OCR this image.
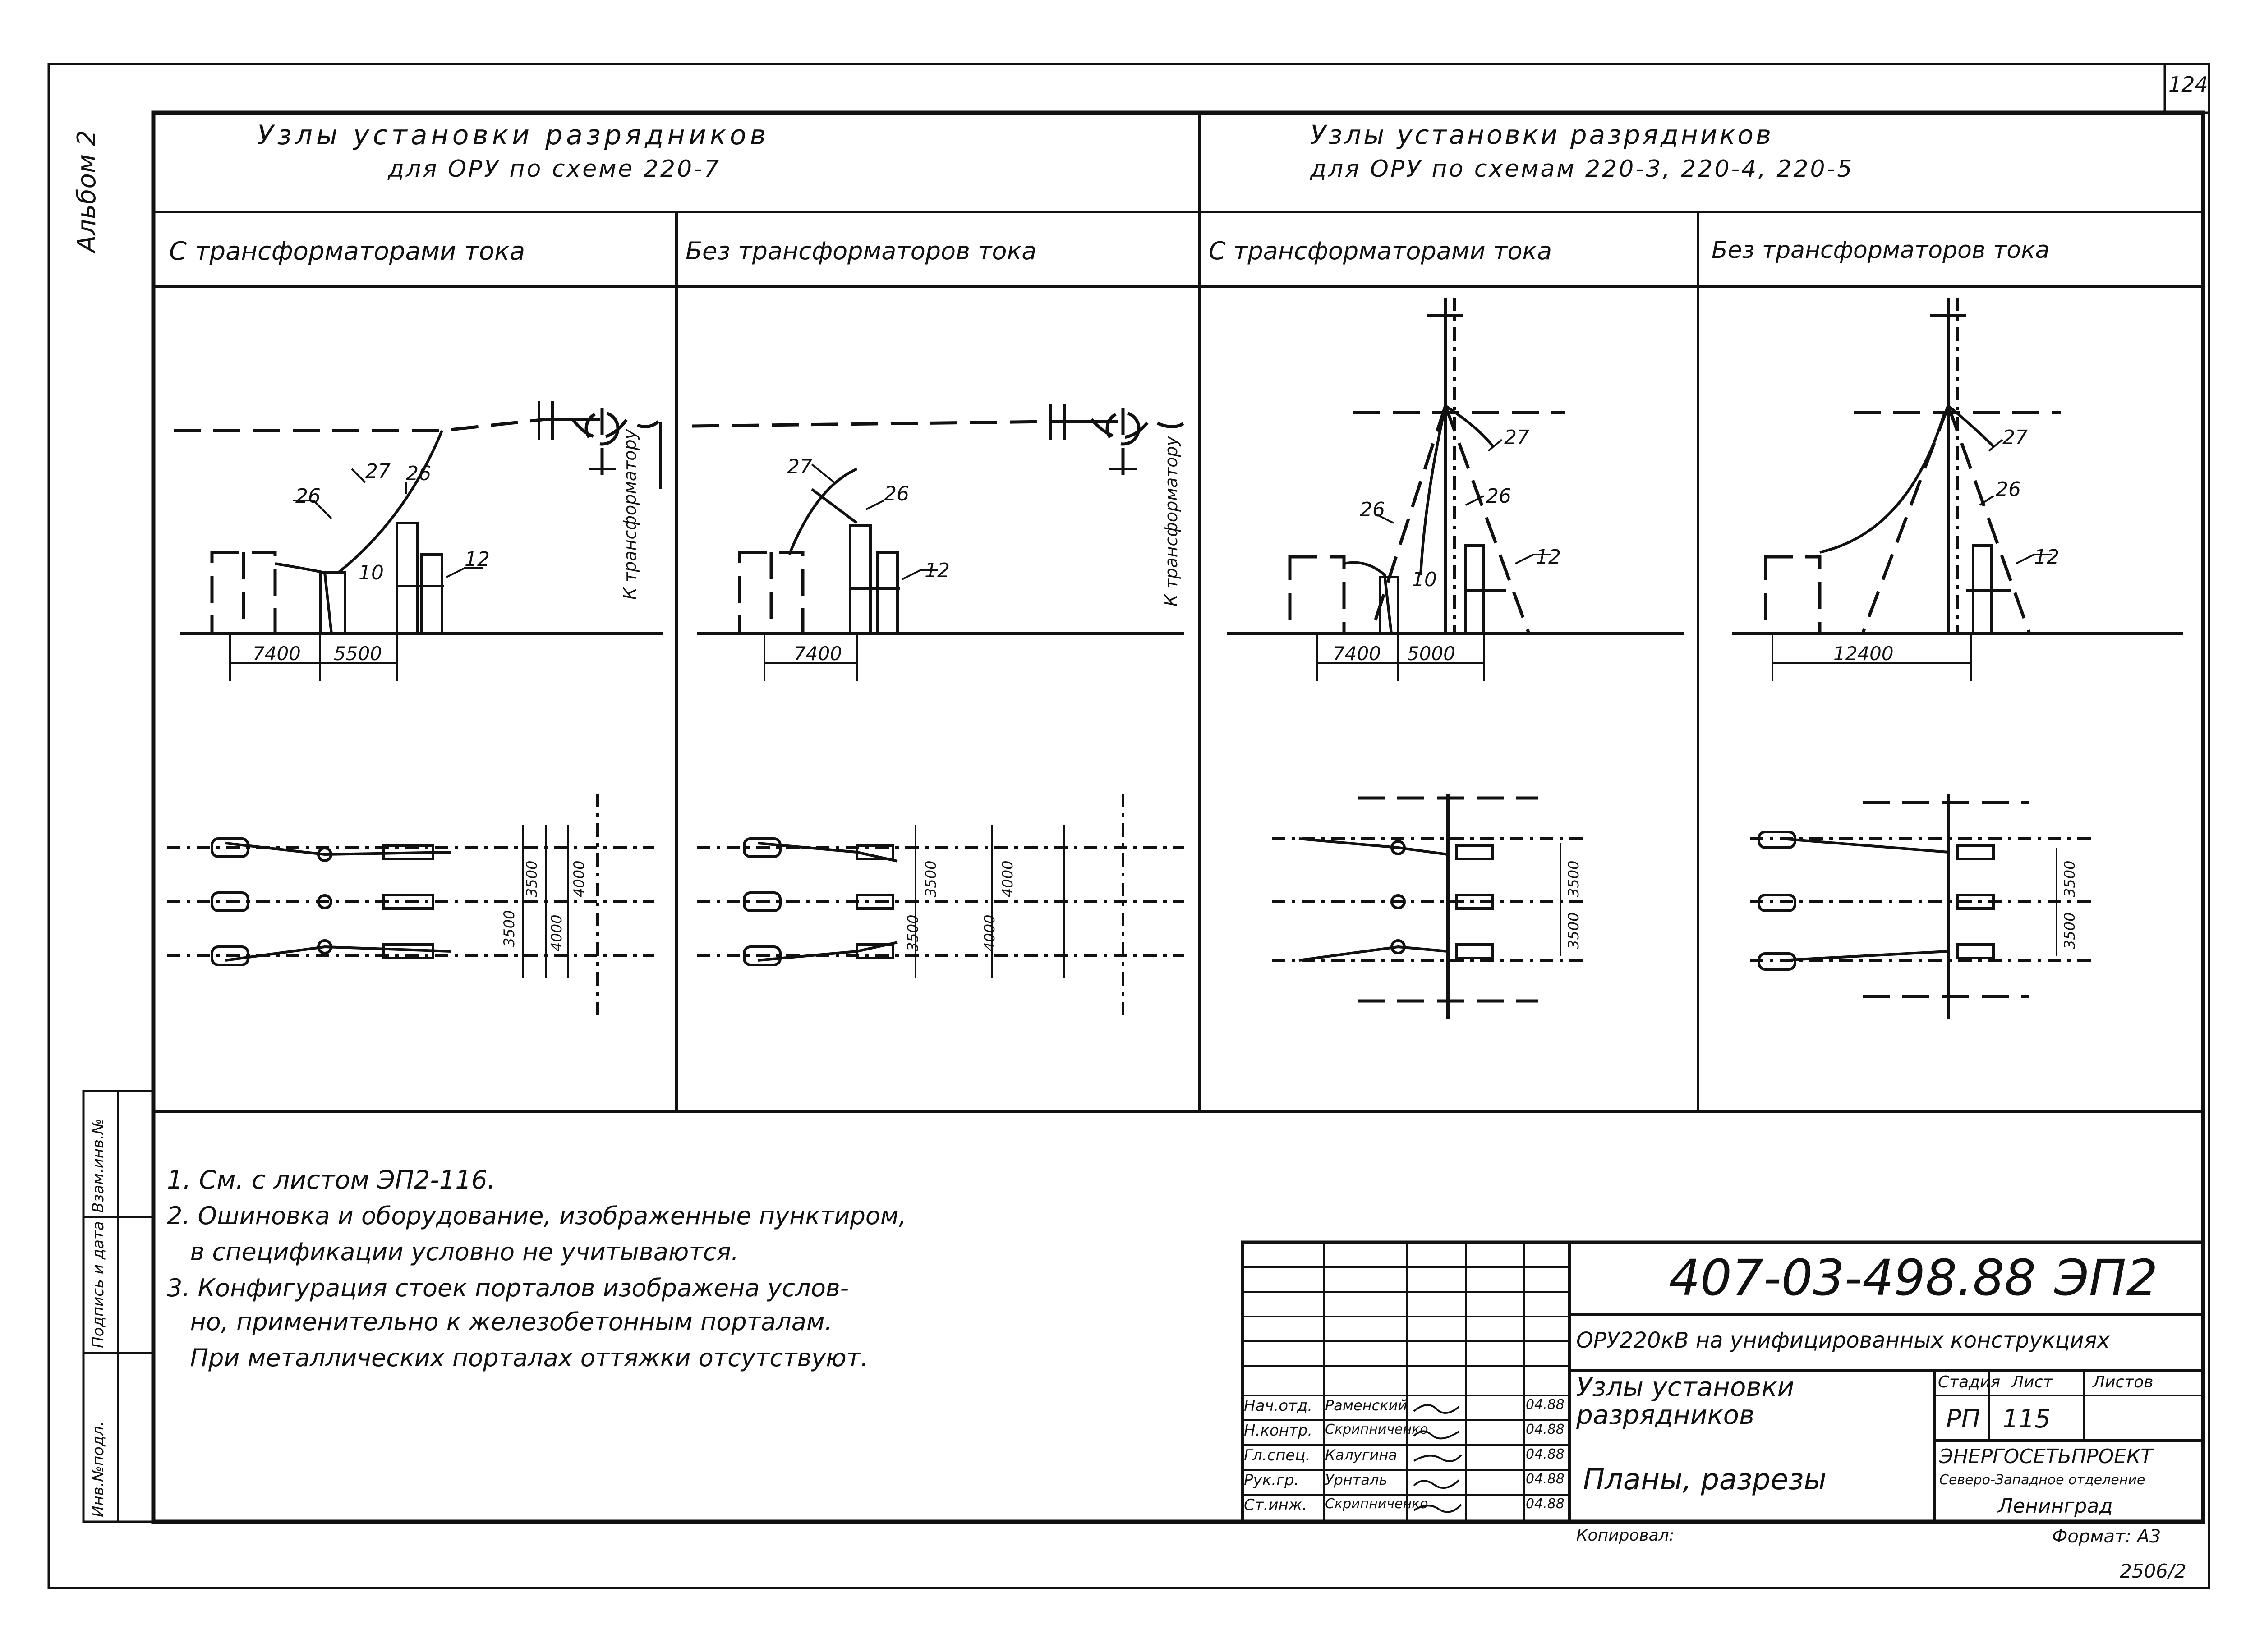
124
Альбом 2
Инв.№подл.
Подпись и дата
Взам.инв.№
Узлы установки разрядников
для ОРУ по схеме 220-7
Узлы установки разрядников
для ОРУ по схемам 220-3, 220-4, 220-5
С трансформаторами тока	Без трансформаторов тока	С трансформаторами тока	Без трансформаторов тока
26
27 26
10
12
7400 5500
К трансформатору
3500
3500
4000
4000
27
26
12
7400
К трансформатору
3500
3500
4000
4000
27
26
26
10
12
7400 5000
3500
3500
27
26
12
12400
3500
3500
1. См. с листом ЭП2-116.
2. Ошиновка и оборудование, изображенные пунктиром,
в спецификации условно не учитываются.
3. Конфигурация стоек порталов изображена услов-
но, применительно к железобетонным порталам.
При металлических порталах оттяжки отсутствуют.
407-03-498.88 ЭП2
ОРУ220кВ на унифицированных конструкциях
Узлы установки разрядников
Планы, разрезы
Стадия Лист Листов
РП 115
ЭНЕРГОСЕТЬПРОЕКТ
Северо-Западное отделение
Ленинград
Нач.отд. Раменский	04.88
Н.контр. Скрипниченко	04.88
Гл.спец. Калугина	04.88
Рук.гр. Урнталь	04.88
Ст.инж. Скрипниченко	04.88
Копировал:	Формат: А3
2506/2
